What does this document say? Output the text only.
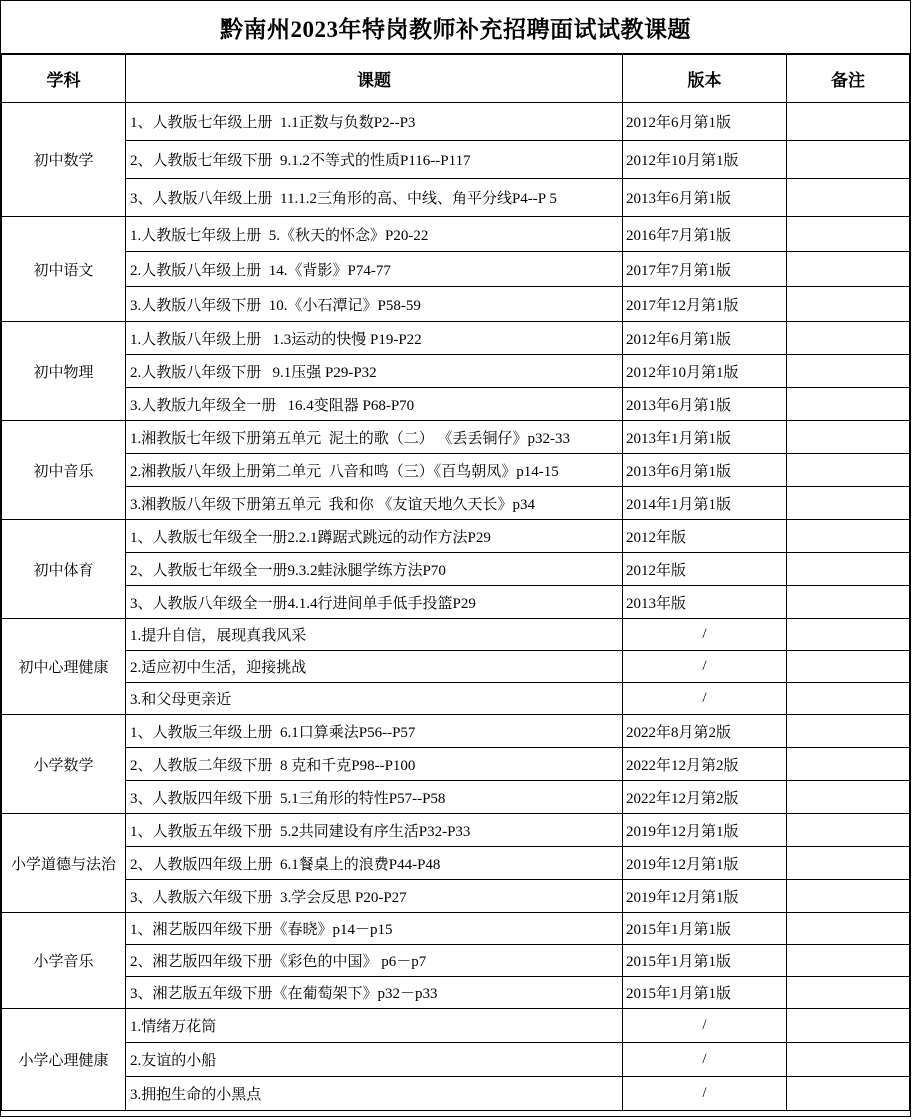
黔南州2023年特岗教师补充招聘面试试教课题
学科	课题	版本	备注
初中数学	1、人教版七年级上册  1.1正数与负数P2--P3	2012年6月第1版	
	2、人教版七年级下册  9.1.2不等式的性质P116--P117	2012年10月第1版	
	3、人教版八年级上册  11.1.2三角形的高、中线、角平分线P4--P 5	2013年6月第1版	
初中语文	1.人教版七年级上册  5.《秋天的怀念》P20-22	2016年7月第1版	
	2.人教版八年级上册  14.《背影》P74-77	2017年7月第1版	
	3.人教版八年级下册  10.《小石潭记》P58-59	2017年12月第1版	
初中物理	1.人教版八年级上册   1.3运动的快慢 P19-P22	2012年6月第1版	
	2.人教版八年级下册   9.1压强 P29-P32	2012年10月第1版	
	3.人教版九年级全一册   16.4变阻器 P68-P70	2013年6月第1版	
初中音乐	1.湘教版七年级下册第五单元  泥土的歌（二） 《丢丢铜仔》p32-33	2013年1月第1版	
	2.湘教版八年级上册第二单元  八音和鸣（三）《百鸟朝凤》p14-15	2013年6月第1版	
	3.湘教版八年级下册第五单元  我和你 《友谊天地久天长》p34	2014年1月第1版	
初中体育	1、人教版七年级全一册2.2.1蹲踞式跳远的动作方法P29	2012年版	
	2、人教版七年级全一册9.3.2蛙泳腿学练方法P70	2012年版	
	3、人教版八年级全一册4.1.4行进间单手低手投篮P29	2013年版	
初中心理健康	1.提升自信，展现真我风采	/	
	2.适应初中生活，迎接挑战	/	
	3.和父母更亲近	/	
小学数学	1、人教版三年级上册  6.1口算乘法P56--P57	2022年8月第2版	
	2、人教版二年级下册  8 克和千克P98--P100	2022年12月第2版	
	3、人教版四年级下册  5.1三角形的特性P57--P58	2022年12月第2版	
小学道德与法治	1、人教版五年级下册  5.2共同建设有序生活P32-P33	2019年12月第1版	
	2、人教版四年级上册  6.1餐桌上的浪费P44-P48	2019年12月第1版	
	3、人教版六年级下册  3.学会反思 P20-P27	2019年12月第1版	
小学音乐	1、湘艺版四年级下册《春晓》p14－p15	2015年1月第1版	
	2、湘艺版四年级下册《彩色的中国》 p6－p7	2015年1月第1版	
	3、湘艺版五年级下册《在葡萄架下》p32－p33	2015年1月第1版	
小学心理健康	1.情绪万花筒	/	
	2.友谊的小船	/	
	3.拥抱生命的小黑点	/	
